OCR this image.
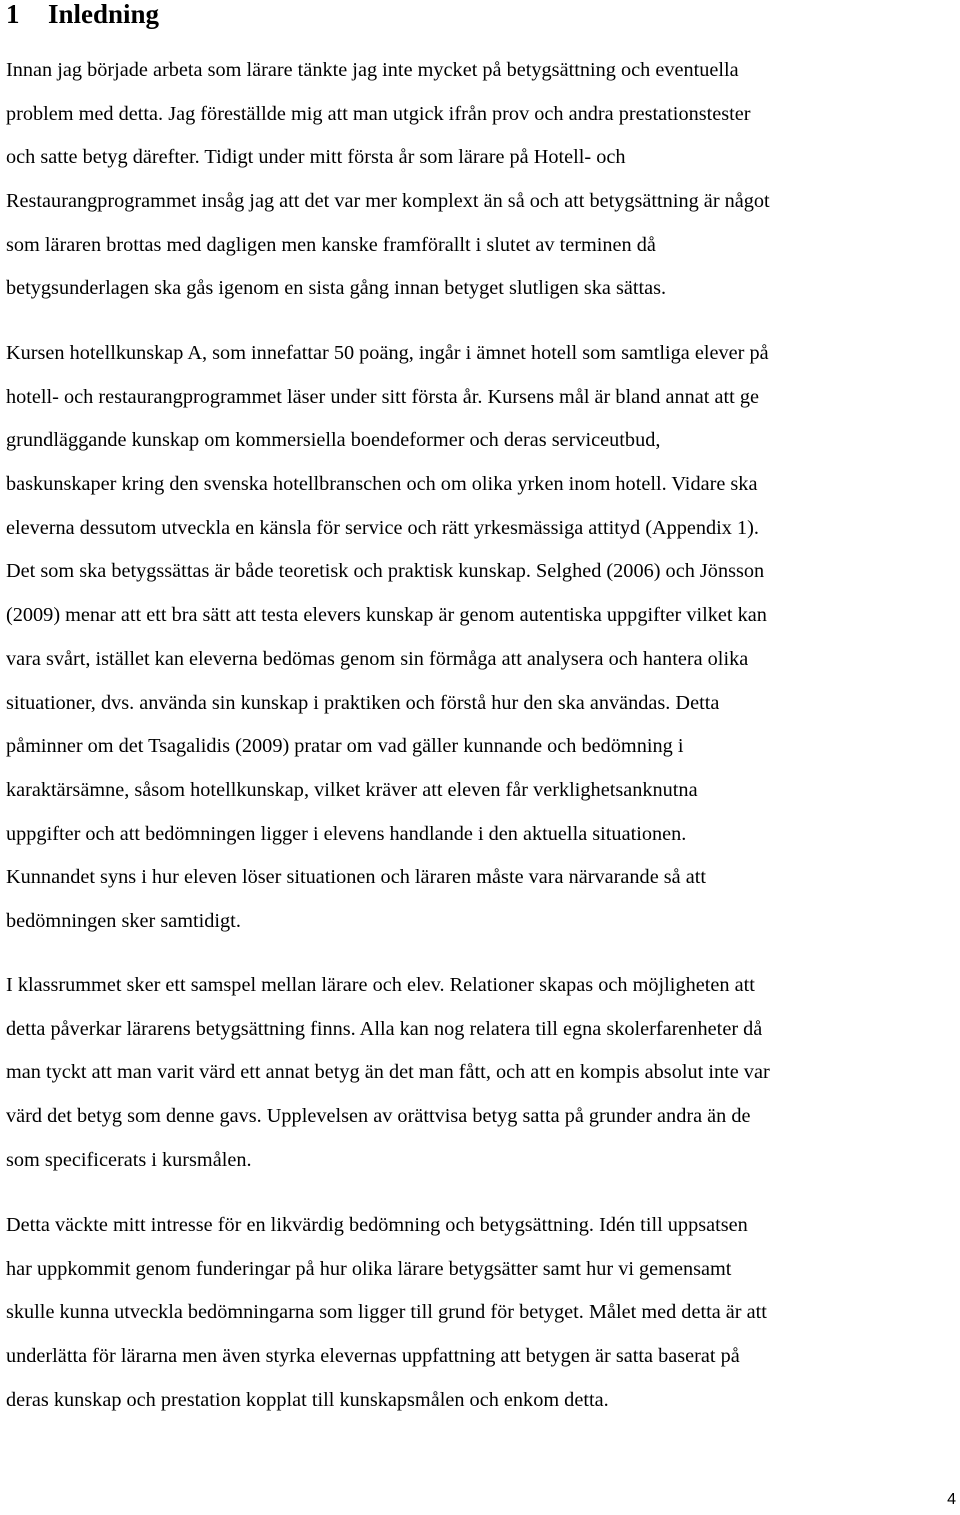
1 Inledning

Innan jag började arbeta som lärare tänkte jag inte mycket på betygsättning och eventuella
problem med detta. Jag föreställde mig att man utgick ifrån prov och andra prestationstester
och satte betyg därefter. Tidigt under mitt första år som lärare på Hotell- och
Restaurangprogrammet insåg jag att det var mer komplext än så och att betygsättning är något
som läraren brottas med dagligen men kanske framförallt i slutet av terminen då
betygsunderlagen ska gås igenom en sista gång innan betyget slutligen ska sättas.

Kursen hotellkunskap A, som innefattar 50 poäng, ingår i ämnet hotell som samtliga elever på
hotell- och restaurangprogrammet läser under sitt första år. Kursens mål är bland annat att ge
grundläggande kunskap om kommersiella boendeformer och deras serviceutbud,
baskunskaper kring den svenska hotellbranschen och om olika yrken inom hotell. Vidare ska
eleverna dessutom utveckla en känsla för service och rätt yrkesmässiga attityd (Appendix 1).
Det som ska betygssättas är både teoretisk och praktisk kunskap. Selghed (2006) och Jönsson
(2009) menar att ett bra sätt att testa elevers kunskap är genom autentiska uppgifter vilket kan
vara svårt, istället kan eleverna bedömas genom sin förmåga att analysera och hantera olika
situationer, dvs. använda sin kunskap i praktiken och förstå hur den ska användas. Detta
påminner om det Tsagalidis (2009) pratar om vad gäller kunnande och bedömning i
karaktärsämne, såsom hotellkunskap, vilket kräver att eleven får verklighetsanknutna
uppgifter och att bedömningen ligger i elevens handlande i den aktuella situationen.
Kunnandet syns i hur eleven löser situationen och läraren måste vara närvarande så att
bedömningen sker samtidigt.

I klassrummet sker ett samspel mellan lärare och elev. Relationer skapas och möjligheten att
detta påverkar lärarens betygsättning finns. Alla kan nog relatera till egna skolerfarenheter då
man tyckt att man varit värd ett annat betyg än det man fått, och att en kompis absolut inte var
värd det betyg som denne gavs. Upplevelsen av orättvisa betyg satta på grunder andra än de
som specificerats i kursmålen.

Detta väckte mitt intresse för en likvärdig bedömning och betygsättning. Idén till uppsatsen
har uppkommit genom funderingar på hur olika lärare betygsätter samt hur vi gemensamt
skulle kunna utveckla bedömningarna som ligger till grund för betyget. Målet med detta är att
underlätta för lärarna men även styrka elevernas uppfattning att betygen är satta baserat på
deras kunskap och prestation kopplat till kunskapsmålen och enkom detta.

4
